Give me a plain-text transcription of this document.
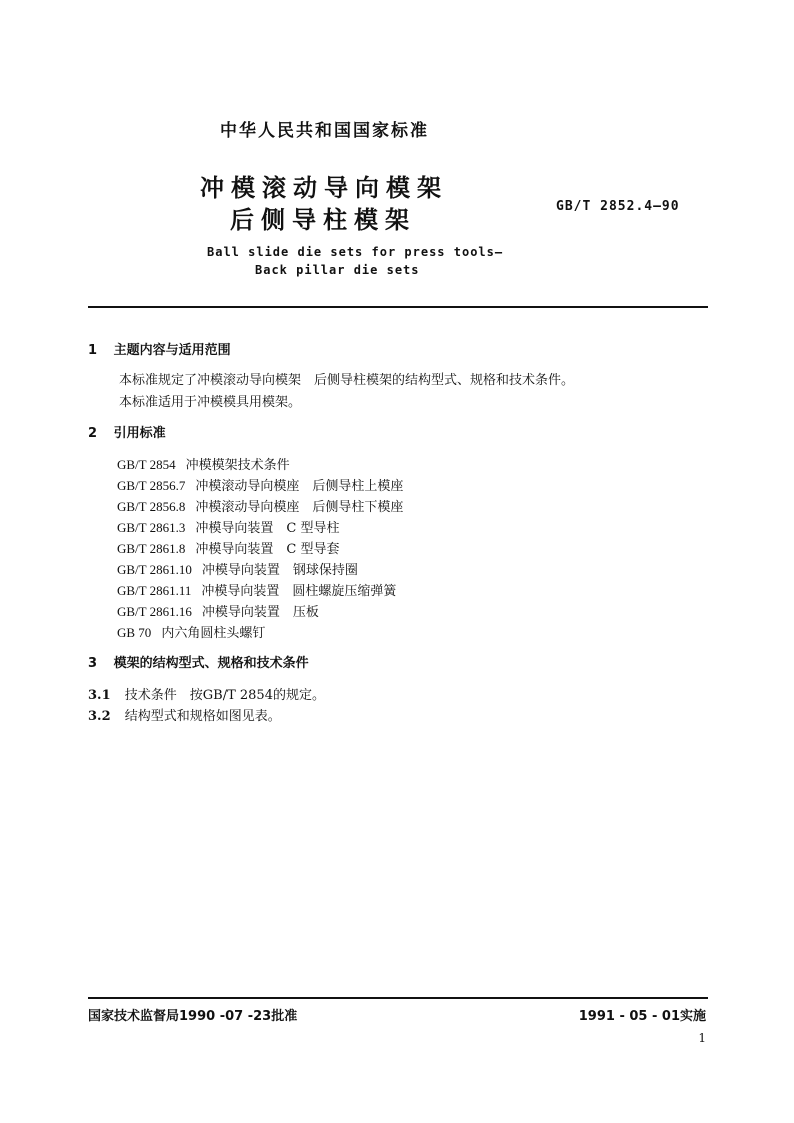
中华人民共和国国家标准
冲模滚动导向模架
后侧导柱模架	GB/T 2852.4—90
Ball slide die sets for press tools—
Back pillar die sets
1 主题内容与适用范围
本标准规定了冲模滚动导向模架　后侧导柱模架的结构型式、规格和技术条件。
本标准适用于冲模模具用模架。
2 引用标准
GB/T 2854 冲模模架技术条件
GB/T 2856.7 冲模滚动导向模座　后侧导柱上模座
GB/T 2856.8 冲模滚动导向模座　后侧导柱下模座
GB/T 2861.3 冲模导向装置　C 型导柱
GB/T 2861.8 冲模导向装置　C 型导套
GB/T 2861.10 冲模导向装置　钢球保持圈
GB/T 2861.11 冲模导向装置　圆柱螺旋压缩弹簧
GB/T 2861.16 冲模导向装置　压板
GB 70 内六角圆柱头螺钉
3 模架的结构型式、规格和技术条件
3.1 技术条件　按GB/T 2854的规定。
3.2 结构型式和规格如图见表。
国家技术监督局1990 -07 -23批准	1991 - 05 - 01实施
1
